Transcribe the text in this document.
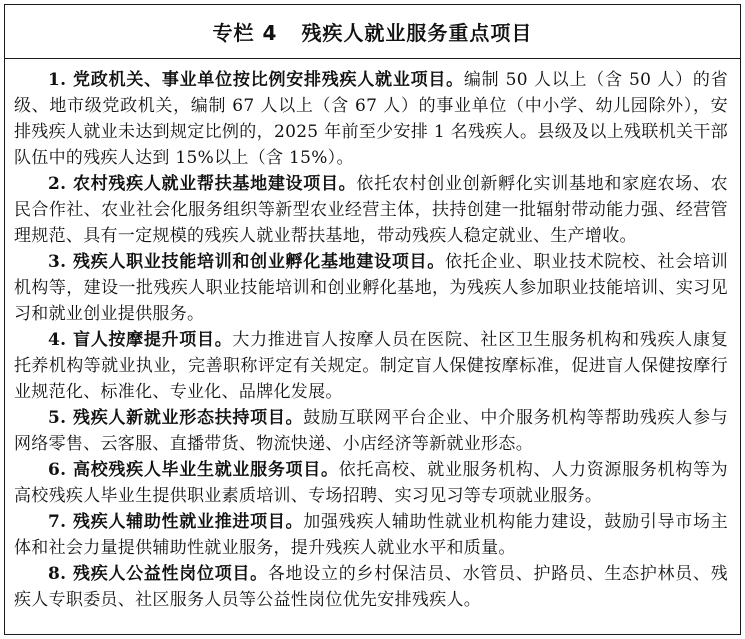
专栏 4 残疾人就业服务重点项目

1. 党政机关、事业单位按比例安排残疾人就业项目。编制 50 人以上（含 50 人）的省级、地市级党政机关，编制 67 人以上（含 67 人）的事业单位（中小学、幼儿园除外），安排残疾人就业未达到规定比例的，2025 年前至少安排 1 名残疾人。县级及以上残联机关干部队伍中的残疾人达到 15%以上（含 15%）。

2. 农村残疾人就业帮扶基地建设项目。依托农村创业创新孵化实训基地和家庭农场、农民合作社、农业社会化服务组织等新型农业经营主体，扶持创建一批辐射带动能力强、经营管理规范、具有一定规模的残疾人就业帮扶基地，带动残疾人稳定就业、生产增收。

3. 残疾人职业技能培训和创业孵化基地建设项目。依托企业、职业技术院校、社会培训机构等，建设一批残疾人职业技能培训和创业孵化基地，为残疾人参加职业技能培训、实习见习和就业创业提供服务。

4. 盲人按摩提升项目。大力推进盲人按摩人员在医院、社区卫生服务机构和残疾人康复托养机构等就业执业，完善职称评定有关规定。制定盲人保健按摩标准，促进盲人保健按摩行业规范化、标准化、专业化、品牌化发展。

5. 残疾人新就业形态扶持项目。鼓励互联网平台企业、中介服务机构等帮助残疾人参与网络零售、云客服、直播带货、物流快递、小店经济等新就业形态。

6. 高校残疾人毕业生就业服务项目。依托高校、就业服务机构、人力资源服务机构等为高校残疾人毕业生提供职业素质培训、专场招聘、实习见习等专项就业服务。

7. 残疾人辅助性就业推进项目。加强残疾人辅助性就业机构能力建设，鼓励引导市场主体和社会力量提供辅助性就业服务，提升残疾人就业水平和质量。

8. 残疾人公益性岗位项目。各地设立的乡村保洁员、水管员、护路员、生态护林员、残疾人专职委员、社区服务人员等公益性岗位优先安排残疾人。
